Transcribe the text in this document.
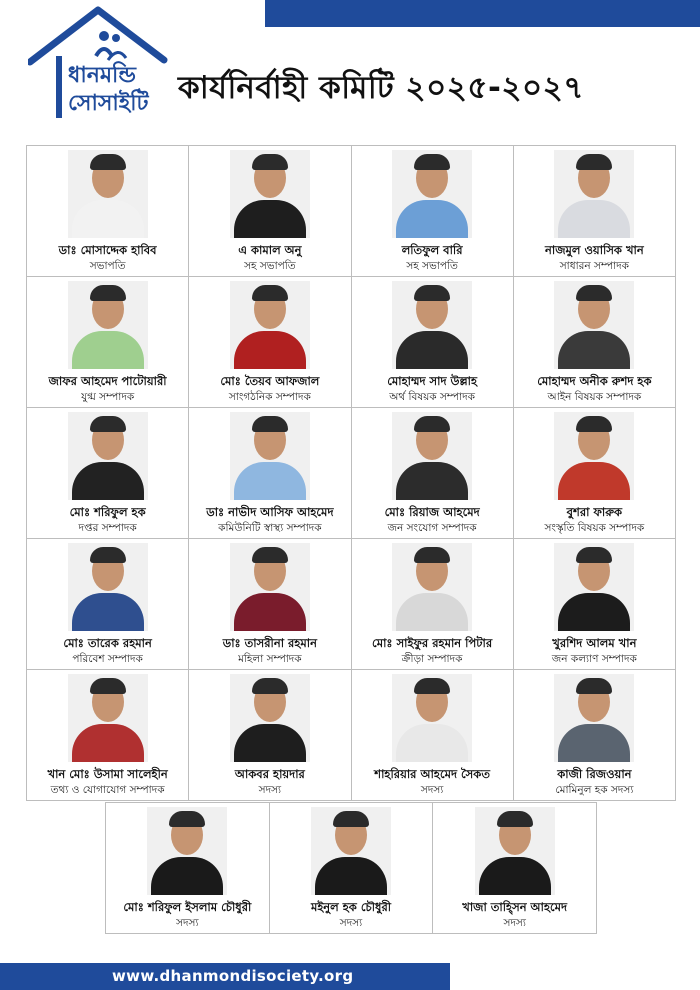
ধানমন্ডি
সোসাইটি কার্যনির্বাহী কমিটি ২০২৫-২০২৭
ডাঃ মোসাদ্দেক হাবিব
সভাপতি
এ কামাল অনু
সহ সভাপতি
লতিফুল বারি
সহ সভাপতি
নাজমুল ওয়াসিক খান
সাধারন সম্পাদক
জাফর আহমেদ পাটোয়ারী
যুগ্ম সম্পাদক
মোঃ তৈয়ব আফজাল
সাংগঠনিক সম্পাদক
মোহাম্মদ সাদ উল্লাহ
অর্থ বিষয়ক সম্পাদক
মোহাম্মদ অনীক রুশদ হক
আইন বিষয়ক সম্পাদক
মোঃ শরিফুল হক
দপ্তর সম্পাদক
ডাঃ নাভীদ আসিফ আহমেদ
কমিউনিটি স্বাস্থ্য সম্পাদক
মোঃ রিয়াজ আহমেদ
জন সংযোগ সম্পাদক
বুশরা ফারুক
সংস্কৃতি বিষয়ক সম্পাদক
মোঃ তারেক রহমান
পরিবেশ সম্পাদক
ডাঃ তাসরীনা রহমান
মহিলা সম্পাদক
মোঃ সাইফুর রহমান পিটার
ক্রীড়া সম্পাদক
খুরশিদ আলম খান
জন কল্যাণ সম্পাদক
খান মোঃ উসামা সালেহীন
তথ্য ও যোগাযোগ সম্পাদক
আকবর হায়দার
সদস্য
শাহরিয়ার আহমেদ সৈকত
সদস্য
কাজী রিজওয়ান
মোমিনুল হক সদস্য
মোঃ শরিফুল ইসলাম চৌধুরী
সদস্য
মইনুল হক চৌধুরী
সদস্য
খাজা তাহ্সিন আহমেদ
সদস্য
www.dhanmondisociety.org
